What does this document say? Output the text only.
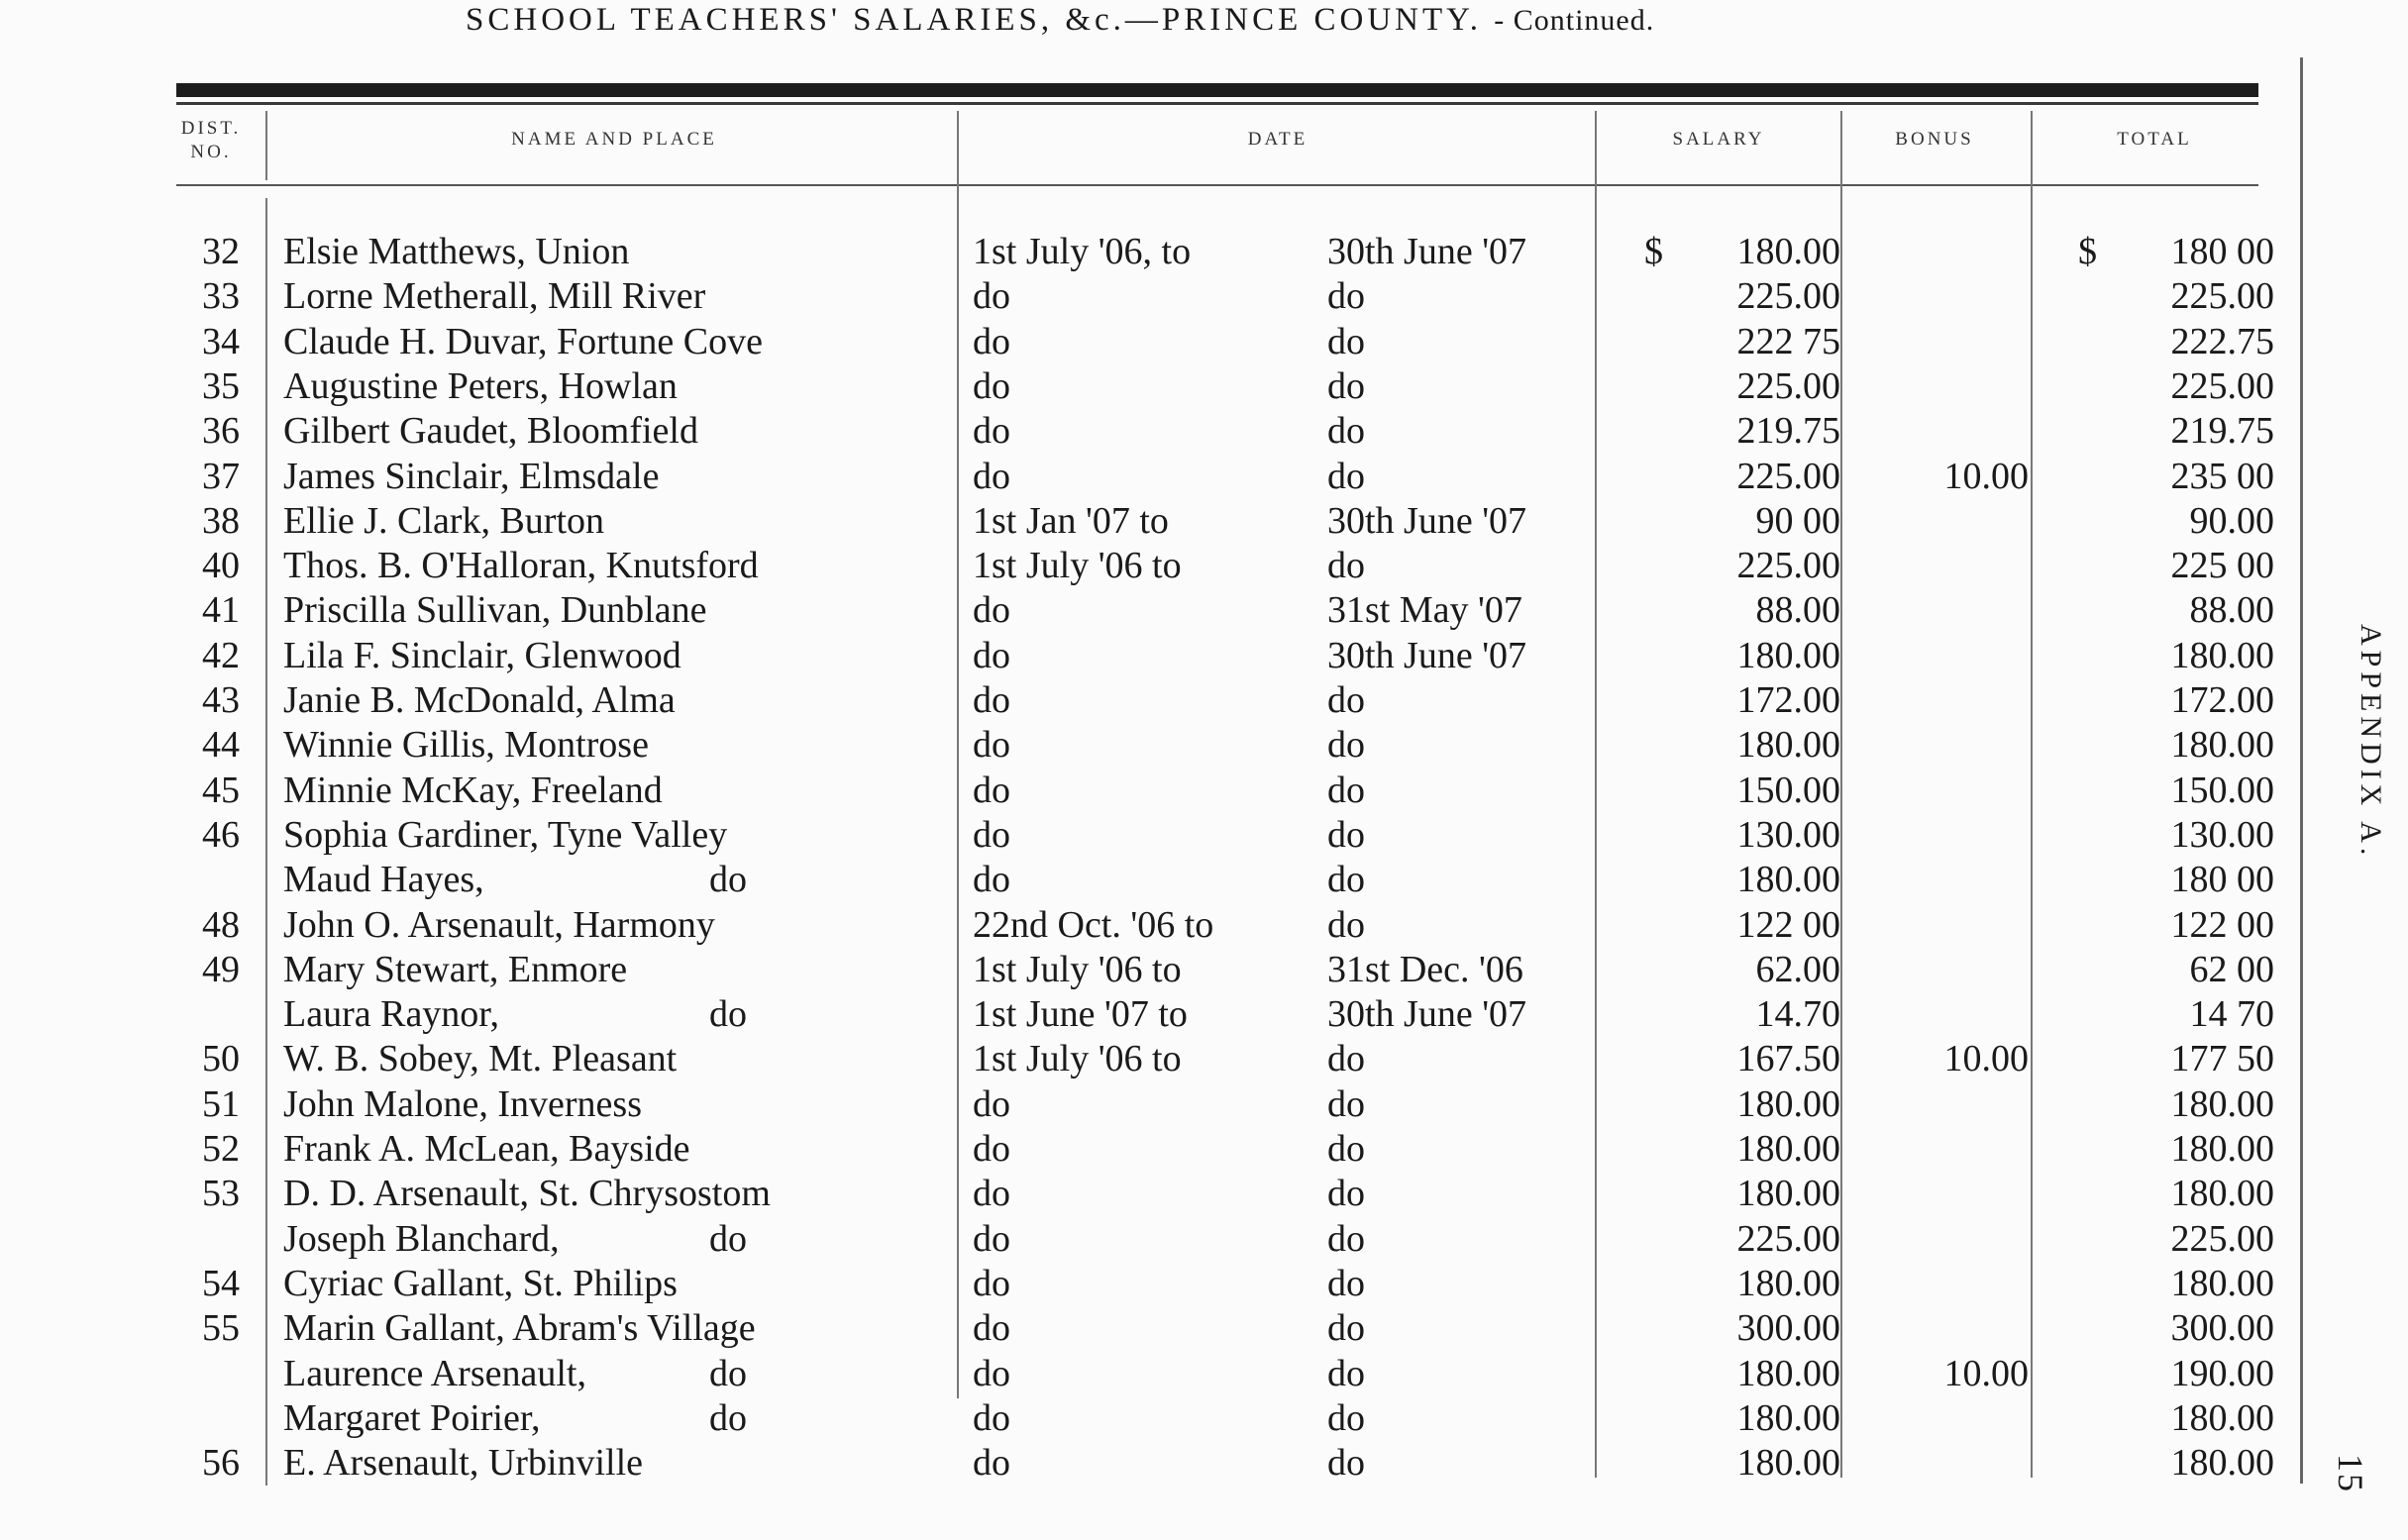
SCHOOL TEACHERS' SALARIES, &c.—PRINCE COUNTY. - Continued.
DIST. NO.
NAME AND PLACE	DATE	SALARY	BONUS	TOTAL
32 Elsie Matthews, Union	1st July '06, to	30th June '07	180.00	180 00
$	$
33 Lorne Metherall, Mill River	do	do	225.00	225.00
34 Claude H. Duvar, Fortune Cove	do	do	222 75	222.75
35 Augustine Peters, Howlan	do	do	225.00	225.00
36 Gilbert Gaudet, Bloomfield	do	do	219.75	219.75
37 James Sinclair, Elmsdale	do	do	225.00	10.00	235 00
38 Ellie J. Clark, Burton	1st Jan '07 to	30th June '07	90 00	90.00
40 Thos. B. O'Halloran, Knutsford	1st July '06 to	do	225.00	225 00
41 Priscilla Sullivan, Dunblane	do	31st May '07	88.00	88.00
42 Lila F. Sinclair, Glenwood	do	30th June '07	180.00	180.00
43 Janie B. McDonald, Alma	do	do	172.00	172.00
44 Winnie Gillis, Montrose	do	do	180.00	180.00
45 Minnie McKay, Freeland	do	do	150.00	150.00
46 Sophia Gardiner, Tyne Valley	do	do	130.00	130.00
Maud Hayes,	do	do	do	180.00	180 00
48 John O. Arsenault, Harmony	22nd Oct. '06 to	do	122 00	122 00
49 Mary Stewart, Enmore	1st July '06 to	31st Dec. '06	62.00	62 00
Laura Raynor,	do	1st June '07 to	30th June '07	14.70	14 70
50 W. B. Sobey, Mt. Pleasant	1st July '06 to	do	167.50	10.00	177 50
51 John Malone, Inverness	do	do	180.00	180.00
52 Frank A. McLean, Bayside	do	do	180.00	180.00
53 D. D. Arsenault, St. Chrysostom	do	do	180.00	180.00
Joseph Blanchard,	do	do	do	225.00	225.00
54 Cyriac Gallant, St. Philips	do	do	180.00	180.00
55 Marin Gallant, Abram's Village	do	do	300.00	300.00
Laurence Arsenault,	do	do	do	180.00	10.00	190.00
Margaret Poirier,	do	do	do	180.00	180.00
56 E. Arsenault, Urbinville	do	do	180.00	180.00
APPENDIX A.
15
